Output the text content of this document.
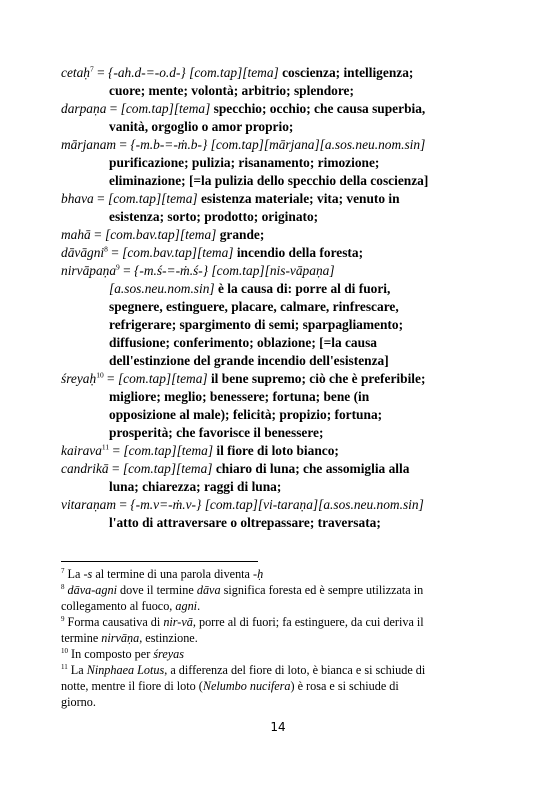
cetaḥ$^7$ = {-ah.d-=-o.d-} [com.tap][tema] coscienza; intelligenza;
cuore; mente; volontà; arbitrio; splendore;

darpaṇa = [com.tap][tema] specchio; occhio; che causa superbia,
vanità, orgoglio o amor proprio;

mārjanam = {-m.b-=-ṁ.b-} [com.tap][mārjana][a.sos.neu.nom.sin]
purificazione; pulizia; risanamento; rimozione;
eliminazione; [=la pulizia dello specchio della coscienza]

bhava = [com.tap][tema] esistenza materiale; vita; venuto in
esistenza; sorto; prodotto; originato;

mahā = [com.bav.tap][tema] grande;

dāvāgni$^8$ = [com.bav.tap][tema] incendio della foresta;

nirvāpaṇa$^9$ = {-m.ś-=-ṁ.ś-} [com.tap][nis-vāpaṇa]
[a.sos.neu.nom.sin] è la causa di: porre al di fuori,
spegnere, estinguere, placare, calmare, rinfrescare,
refrigerare; spargimento di semi; sparpagliamento;
diffusione; conferimento; oblazione; [=la causa
dell'estinzione del grande incendio dell'esistenza]

śreyaḥ$^{10}$ = [com.tap][tema] il bene supremo; ciò che è preferibile;
migliore; meglio; benessere; fortuna; bene (in
opposizione al male); felicità; propizio; fortuna;
prosperità; che favorisce il benessere;

kairava$^{11}$ = [com.tap][tema] il fiore di loto bianco;

candrikā = [com.tap][tema] chiaro di luna; che assomiglia alla
luna; chiarezza; raggi di luna;

vitaraṇam = {-m.v=-ṁ.v-} [com.tap][vi-taraṇa][a.sos.neu.nom.sin]
l'atto di attraversare o oltrepassare; traversata;

$^7$ La -s al termine di una parola diventa -ḥ

$^8$ dāva-agni dove il termine dāva significa foresta ed è sempre utilizzata in
collegamento al fuoco, agni.

$^9$ Forma causativa di nir-vā, porre al di fuori; fa estinguere, da cui deriva il
termine nirvāṇa, estinzione.

$^{10}$ In composto per śreyas

$^{11}$ La Ninphaea Lotus, a differenza del fiore di loto, è bianca e si schiude di
notte, mentre il fiore di loto (Nelumbo nucifera) è rosa e si schiude di
giorno.

14
